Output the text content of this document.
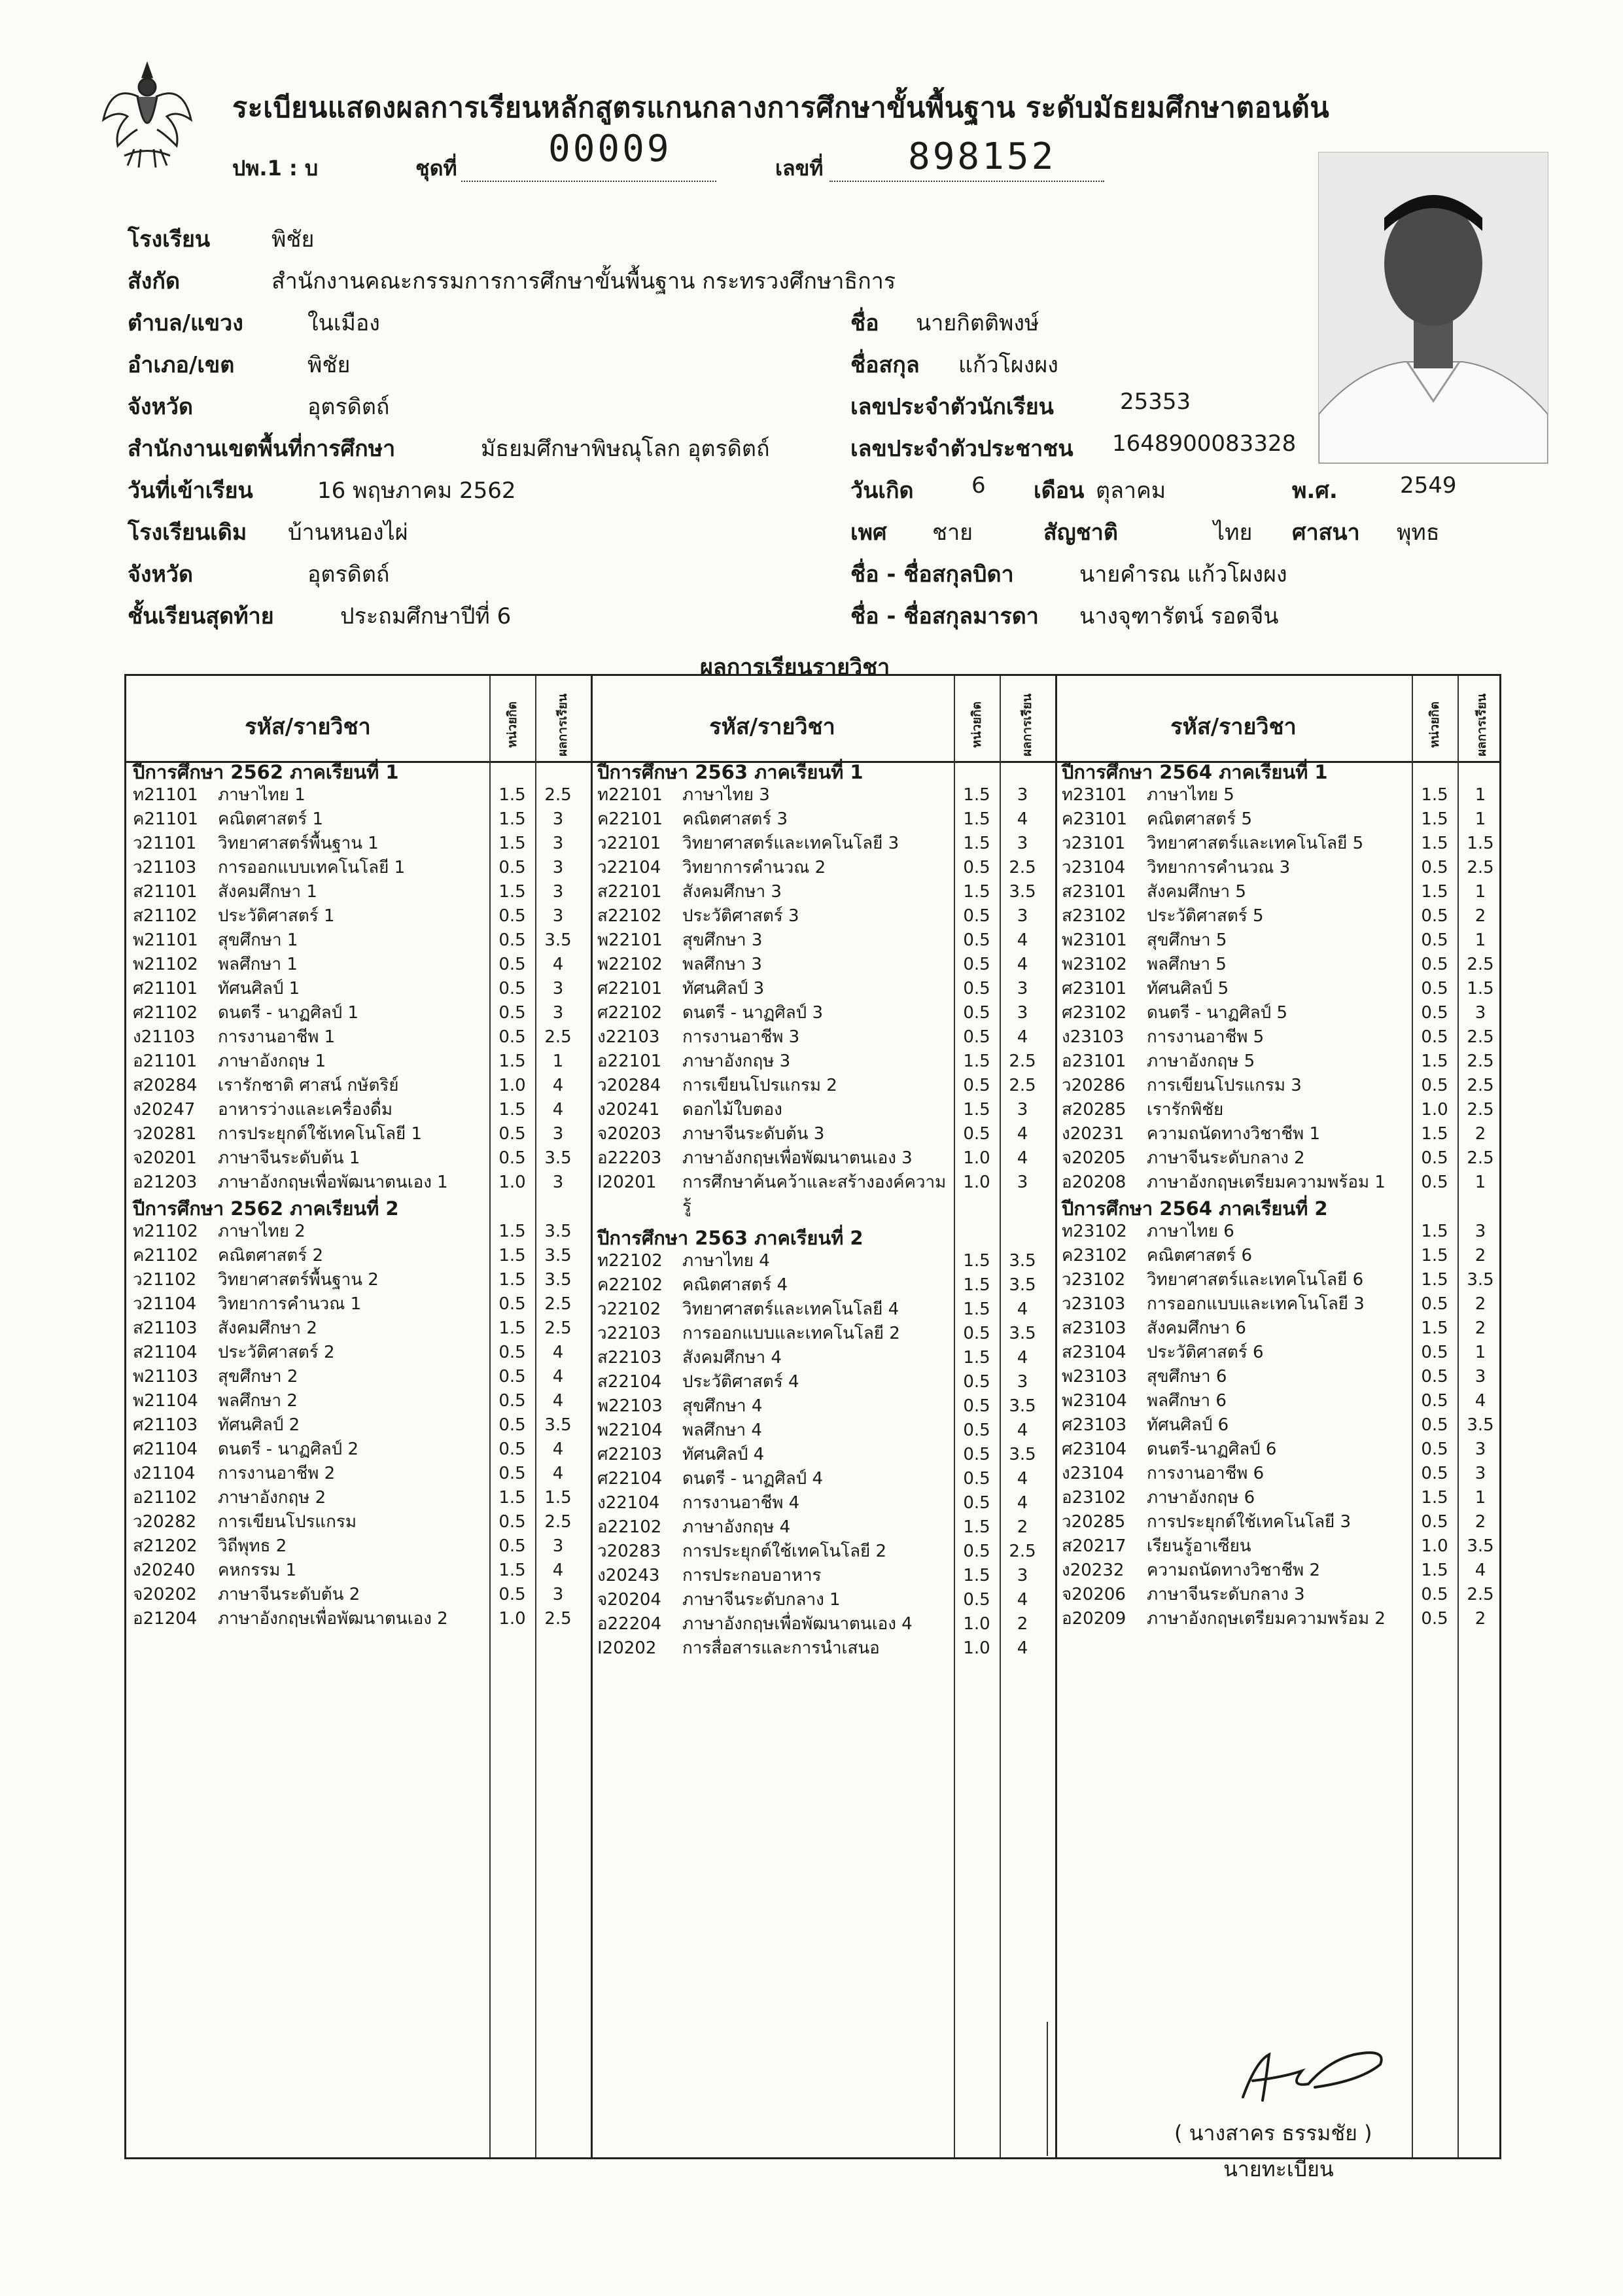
ระเบียนแสดงผลการเรียนหลักสูตรแกนกลางการศึกษาขั้นพื้นฐาน ระดับมัธยมศึกษาตอนต้น
ปพ.1 : บ	ชุดที่ 00009	เลขที่ 898152
โรงเรียน	พิชัย
สังกัด	สำนักงานคณะกรรมการการศึกษาขั้นพื้นฐาน กระทรวงศึกษาธิการ
ตำบล/แขวง	ในเมือง
อำเภอ/เขต	พิชัย
จังหวัด	อุตรดิตถ์
สำนักงานเขตพื้นที่การศึกษา	มัธยมศึกษาพิษณุโลก อุตรดิตถ์
วันที่เข้าเรียน	16 พฤษภาคม 2562
โรงเรียนเดิม บ้านหนองไผ่
จังหวัด	อุตรดิตถ์
ชั้นเรียนสุดท้าย	ประถมศึกษาปีที่ 6
ชื่อ นายกิตติพงษ์
ชื่อสกุล แก้วโผงผง
เลขประจำตัวนักเรียน	25353
เลขประจำตัวประชาชน 1648900083328
วันเกิด	6 เดือน ตุลาคม	พ.ศ.	2549
เพศ ชาย	สัญชาติ	ไทย ศาสนา พุทธ
ชื่อ - ชื่อสกุลบิดา	นายคำรณ แก้วโผงผง
ชื่อ - ชื่อสกุลมารดา นางจุฑารัตน์ รอดจีน
ผลการเรียนรายวิชา
รหัส/รายวิชา	หน่วยกิต	ผลการเรียน	รหัส/รายวิชา	หน่วยกิต	ผลการเรียน	รหัส/รายวิชา	หน่วยกิต	ผลการเรียน
ปีการศึกษา 2562 ภาคเรียนที่ 1
ท21101 ภาษาไทย 1	1.5	2.5
ค21101 คณิตศาสตร์ 1	1.5	3
ว21101 วิทยาศาสตร์พื้นฐาน 1	1.5	3
ว21103 การออกแบบเทคโนโลยี 1	0.5	3
ส21101 สังคมศึกษา 1	1.5	3
ส21102 ประวัติศาสตร์ 1	0.5	3
พ21101 สุขศึกษา 1	0.5	3.5
พ21102 พลศึกษา 1	0.5	4
ศ21101 ทัศนศิลป์ 1	0.5	3
ศ21102 ดนตรี - นาฏศิลป์ 1	0.5	3
ง21103 การงานอาชีพ 1	0.5	2.5
อ21101 ภาษาอังกฤษ 1	1.5	1
ส20284 เรารักชาติ ศาสน์ กษัตริย์	1.0	4
ง20247 อาหารว่างและเครื่องดื่ม	1.5	4
ว20281 การประยุกต์ใช้เทคโนโลยี 1	0.5	3
จ20201 ภาษาจีนระดับต้น 1	0.5	3.5
อ21203 ภาษาอังกฤษเพื่อพัฒนาตนเอง 1	1.0	3
ปีการศึกษา 2562 ภาคเรียนที่ 2
ท21102 ภาษาไทย 2	1.5	3.5
ค21102 คณิตศาสตร์ 2	1.5	3.5
ว21102 วิทยาศาสตร์พื้นฐาน 2	1.5	3.5
ว21104 วิทยาการคำนวณ 1	0.5	2.5
ส21103 สังคมศึกษา 2	1.5	2.5
ส21104 ประวัติศาสตร์ 2	0.5	4
พ21103 สุขศึกษา 2	0.5	4
พ21104 พลศึกษา 2	0.5	4
ศ21103 ทัศนศิลป์ 2	0.5	3.5
ศ21104 ดนตรี - นาฏศิลป์ 2	0.5	4
ง21104 การงานอาชีพ 2	0.5	4
อ21102 ภาษาอังกฤษ 2	1.5	1.5
ว20282 การเขียนโปรแกรม	0.5	2.5
ส21202 วิถีพุทธ 2	0.5	3
ง20240 คหกรรม 1	1.5	4
จ20202 ภาษาจีนระดับต้น 2	0.5	3
อ21204 ภาษาอังกฤษเพื่อพัฒนาตนเอง 2	1.0	2.5
ปีการศึกษา 2563 ภาคเรียนที่ 1
ท22101 ภาษาไทย 3	1.5	3
ค22101 คณิตศาสตร์ 3	1.5	4
ว22101 วิทยาศาสตร์และเทคโนโลยี 3	1.5	3
ว22104 วิทยาการคำนวณ 2	0.5	2.5
ส22101 สังคมศึกษา 3	1.5	3.5
ส22102 ประวัติศาสตร์ 3	0.5	3
พ22101 สุขศึกษา 3	0.5	4
พ22102 พลศึกษา 3	0.5	4
ศ22101 ทัศนศิลป์ 3	0.5	3
ศ22102 ดนตรี - นาฏศิลป์ 3	0.5	3
ง22103 การงานอาชีพ 3	0.5	4
อ22101 ภาษาอังกฤษ 3	1.5	2.5
ว20284 การเขียนโปรแกรม 2	0.5	2.5
ง20241 ดอกไม้ใบตอง	1.5	3
จ20203 ภาษาจีนระดับต้น 3	0.5	4
อ22203 ภาษาอังกฤษเพื่อพัฒนาตนเอง 3	1.0	4
I20201 การศึกษาค้นคว้าและสร้างองค์ความ	1.0	3
รู้
ปีการศึกษา 2563 ภาคเรียนที่ 2
ท22102 ภาษาไทย 4	1.5	3.5
ค22102 คณิตศาสตร์ 4	1.5	3.5
ว22102 วิทยาศาสตร์และเทคโนโลยี 4	1.5	4
ว22103 การออกแบบและเทคโนโลยี 2	0.5	3.5
ส22103 สังคมศึกษา 4	1.5	4
ส22104 ประวัติศาสตร์ 4	0.5	3
พ22103 สุขศึกษา 4	0.5	3.5
พ22104 พลศึกษา 4	0.5	4
ศ22103 ทัศนศิลป์ 4	0.5	3.5
ศ22104 ดนตรี - นาฏศิลป์ 4	0.5	4
ง22104 การงานอาชีพ 4	0.5	4
อ22102 ภาษาอังกฤษ 4	1.5	2
ว20283 การประยุกต์ใช้เทคโนโลยี 2	0.5	2.5
ง20243 การประกอบอาหาร	1.5	3
จ20204 ภาษาจีนระดับกลาง 1	0.5	4
อ22204 ภาษาอังกฤษเพื่อพัฒนาตนเอง 4	1.0	2
I20202 การสื่อสารและการนำเสนอ	1.0	4
ปีการศึกษา 2564 ภาคเรียนที่ 1
ท23101 ภาษาไทย 5	1.5	1
ค23101 คณิตศาสตร์ 5	1.5	1
ว23101 วิทยาศาสตร์และเทคโนโลยี 5	1.5	1.5
ว23104 วิทยาการคำนวณ 3	0.5	2.5
ส23101 สังคมศึกษา 5	1.5	1
ส23102 ประวัติศาสตร์ 5	0.5	2
พ23101 สุขศึกษา 5	0.5	1
พ23102 พลศึกษา 5	0.5	2.5
ศ23101 ทัศนศิลป์ 5	0.5	1.5
ศ23102 ดนตรี - นาฏศิลป์ 5	0.5	3
ง23103 การงานอาชีพ 5	0.5	2.5
อ23101 ภาษาอังกฤษ 5	1.5	2.5
ว20286 การเขียนโปรแกรม 3	0.5	2.5
ส20285 เรารักพิชัย	1.0	2.5
ง20231 ความถนัดทางวิชาชีพ 1	1.5	2
จ20205 ภาษาจีนระดับกลาง 2	0.5	2.5
อ20208 ภาษาอังกฤษเตรียมความพร้อม 1	0.5	1
ปีการศึกษา 2564 ภาคเรียนที่ 2
ท23102 ภาษาไทย 6	1.5	3
ค23102 คณิตศาสตร์ 6	1.5	2
ว23102 วิทยาศาสตร์และเทคโนโลยี 6	1.5	3.5
ว23103 การออกแบบและเทคโนโลยี 3	0.5	2
ส23103 สังคมศึกษา 6	1.5	2
ส23104 ประวัติศาสตร์ 6	0.5	1
พ23103 สุขศึกษา 6	0.5	3
พ23104 พลศึกษา 6	0.5	4
ศ23103 ทัศนศิลป์ 6	0.5	3.5
ศ23104 ดนตรี-นาฏศิลป์ 6	0.5	3
ง23104 การงานอาชีพ 6	0.5	3
อ23102 ภาษาอังกฤษ 6	1.5	1
ว20285 การประยุกต์ใช้เทคโนโลยี 3	0.5	2
ส20217 เรียนรู้อาเซียน	1.0	3.5
ง20232 ความถนัดทางวิชาชีพ 2	1.5	4
จ20206 ภาษาจีนระดับกลาง 3	0.5	2.5
อ20209 ภาษาอังกฤษเตรียมความพร้อม 2	0.5	2
( นางสาคร ธรรมชัย )
นายทะเบียน
